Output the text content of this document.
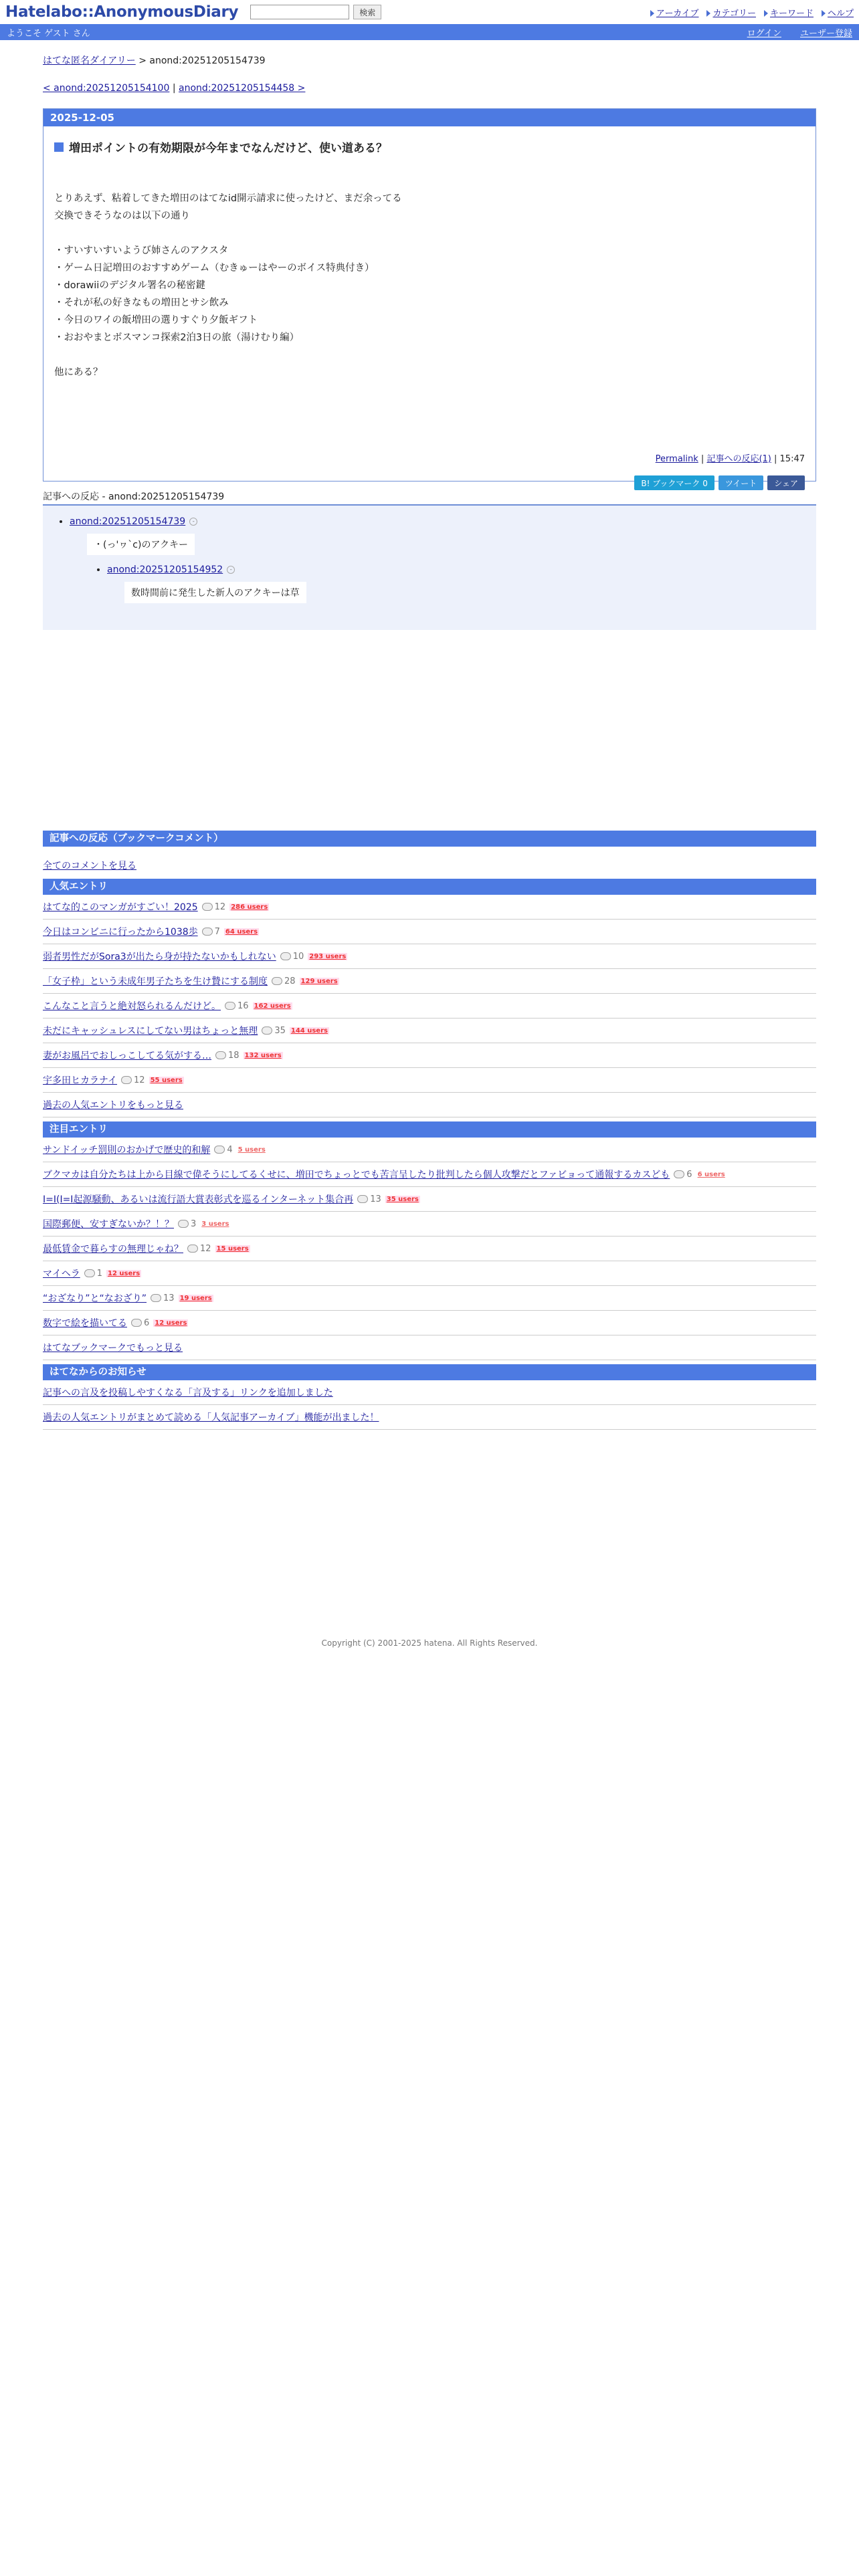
Hatelabo::AnonymousDiary	検索	アーカイブ	カテゴリー	キーワード	ヘルプ
ようこそ ゲスト さん	ログイン ユーザー登録
はてな匿名ダイアリー > anond:20251205154739
< anond:20251205154100 | anond:20251205154458 >
2025-12-05
増田ポイントの有効期限が今年までなんだけど、使い道ある？
とりあえず、粘着してきた増田のはてなid開示請求に使ったけど、まだ余ってる
交換できそうなのは以下の通り
・すいすいすいようび姉さんのアクスタ
・ゲーム日記増田のおすすめゲーム（むきゅーはやーのボイス特典付き）
・dorawiiのデジタル署名の秘密鍵
・それが私の好きなもの増田とサシ飲み
・今日のワイの飯増田の選りすぐり夕飯ギフト
・おおやまとボスマンコ探索2泊3日の旅（湯けむり編）
他にある？
Permalink | 記事への反応(1) | 15:47
B! ブックマーク 0	ツイート	シェア
記事への反応 - anond:20251205154739
• anond:20251205154739 -
・(っ'ヮ`c)のアクキー
• anond:20251205154952 -
数時間前に発生した新人のアクキーは草
記事への反応（ブックマークコメント）
全てのコメントを見る
人気エントリ
はてな的このマンガがすごい！2025 12 286 users
今日はコンビニに行ったから1038歩 7 64 users
弱者男性だがSora3が出たら身が持たないかもしれない 10 293 users
「女子枠」という未成年男子たちを生け贄にする制度 28 129 users
こんなこと言うと絶対怒られるんだけど。 16 162 users
未だにキャッシュレスにしてない男はちょっと無理 35 144 users
妻がお風呂でおしっこしてる気がする… 18 132 users
宇多田ヒカラナイ 12 55 users
過去の人気エントリをもっと見る
注目エントリ
サンドイッチ罰則のおかげで歴史的和解 4 5 users
ブクマカは自分たちは上から目線で偉そうにしてるくせに、増田でちょっとでも苦言呈したり批判したら個人攻撃だとファビョって通報するカスども 6 6 users
I=I(I=I起源騒動、あるいは流行語大賞表彰式を巡るインターネット集合再 13 35 users
国際郵便、安すぎないか？！？ 3 3 users
最低賃金で暮らすの無理じゃね？ 12 15 users
マイヘラ 1 12 users
“おざなり”と“なおざり” 13 19 users
数字で絵を描いてる 6 12 users
はてなブックマークでもっと見る
はてなからのお知らせ
記事への言及を投稿しやすくなる「言及する」リンクを追加しました
過去の人気エントリがまとめて読める「人気記事アーカイブ」機能が出ました！
Copyright (C) 2001-2025 hatena. All Rights Reserved.
